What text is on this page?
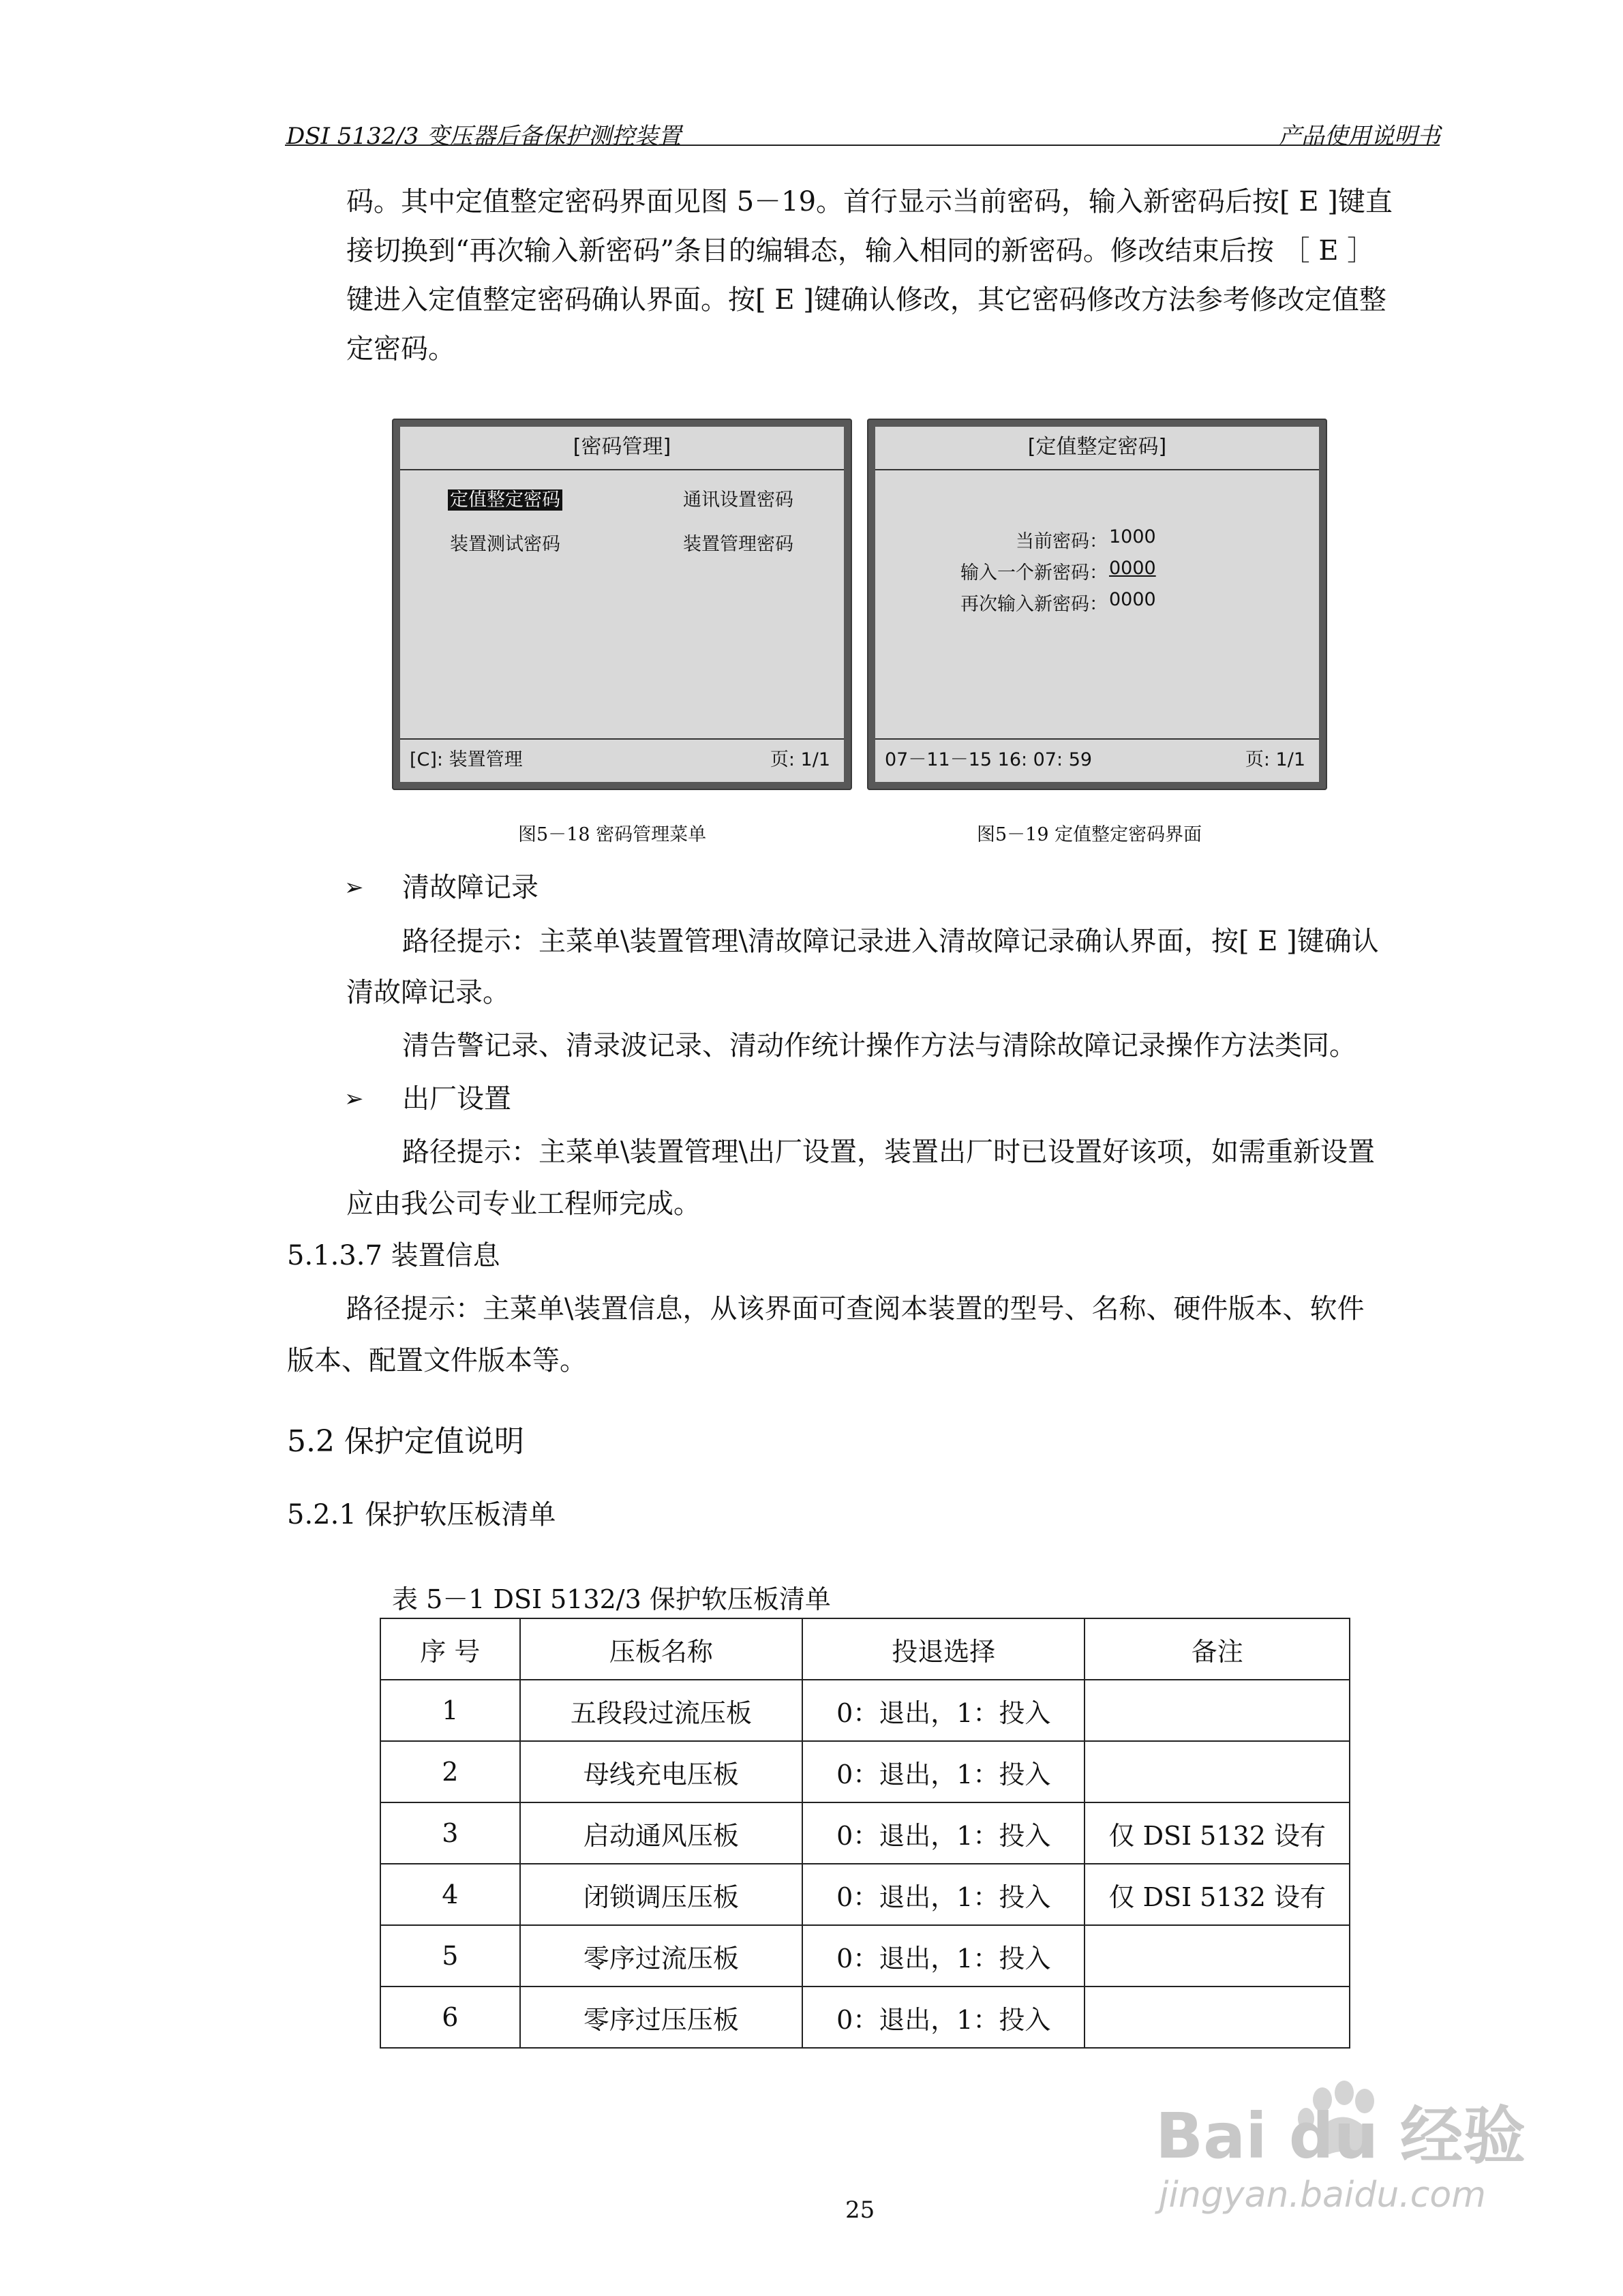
DSI 5132/3 变压器后备保护测控装置	产品使用说明书
码。其中定值整定密码界面见图 5－19。首行显示当前密码，输入新密码后按[ E ]键直
接切换到“再次输入新密码”条目的编辑态，输入相同的新密码。修改结束后按 ［ E ］
键进入定值整定密码确认界面。按[ E ]键确认修改，其它密码修改方法参考修改定值整
定密码。
[密码管理]
定值整定密码	通讯设置密码
装置测试密码	装置管理密码
[C]: 装置管理	页: 1/1
[定值整定密码]
当前密码： 1000
输入一个新密码： 0000
再次输入新密码： 0000
07－11－15 16: 07: 59	页: 1/1
图5－18 密码管理菜单	图5－19 定值整定密码界面
➢ 清故障记录
路径提示：主菜单\装置管理\清故障记录进入清故障记录确认界面，按[ E ]键确认
清故障记录。
清告警记录、清录波记录、清动作统计操作方法与清除故障记录操作方法类同。
➢ 出厂设置
路径提示：主菜单\装置管理\出厂设置，装置出厂时已设置好该项，如需重新设置
应由我公司专业工程师完成。
5.1.3.7 装置信息
路径提示：主菜单\装置信息，从该界面可查阅本装置的型号、名称、硬件版本、软件
版本、配置文件版本等。
5.2 保护定值说明
5.2.1 保护软压板清单
表 5－1 DSI 5132/3 保护软压板清单
序 号	压板名称	投退选择	备注
1	五段段过流压板	0：退出，1：投入	
2	母线充电压板	0：退出，1：投入	
3	启动通风压板	0：退出，1：投入	仅 DSI 5132 设有
4	闭锁调压压板	0：退出，1：投入	仅 DSI 5132 设有
5	零序过流压板	0：退出，1：投入	
6	零序过压压板	0：退出，1：投入	
Bai du 经验
jingyan.baidu.com
25
